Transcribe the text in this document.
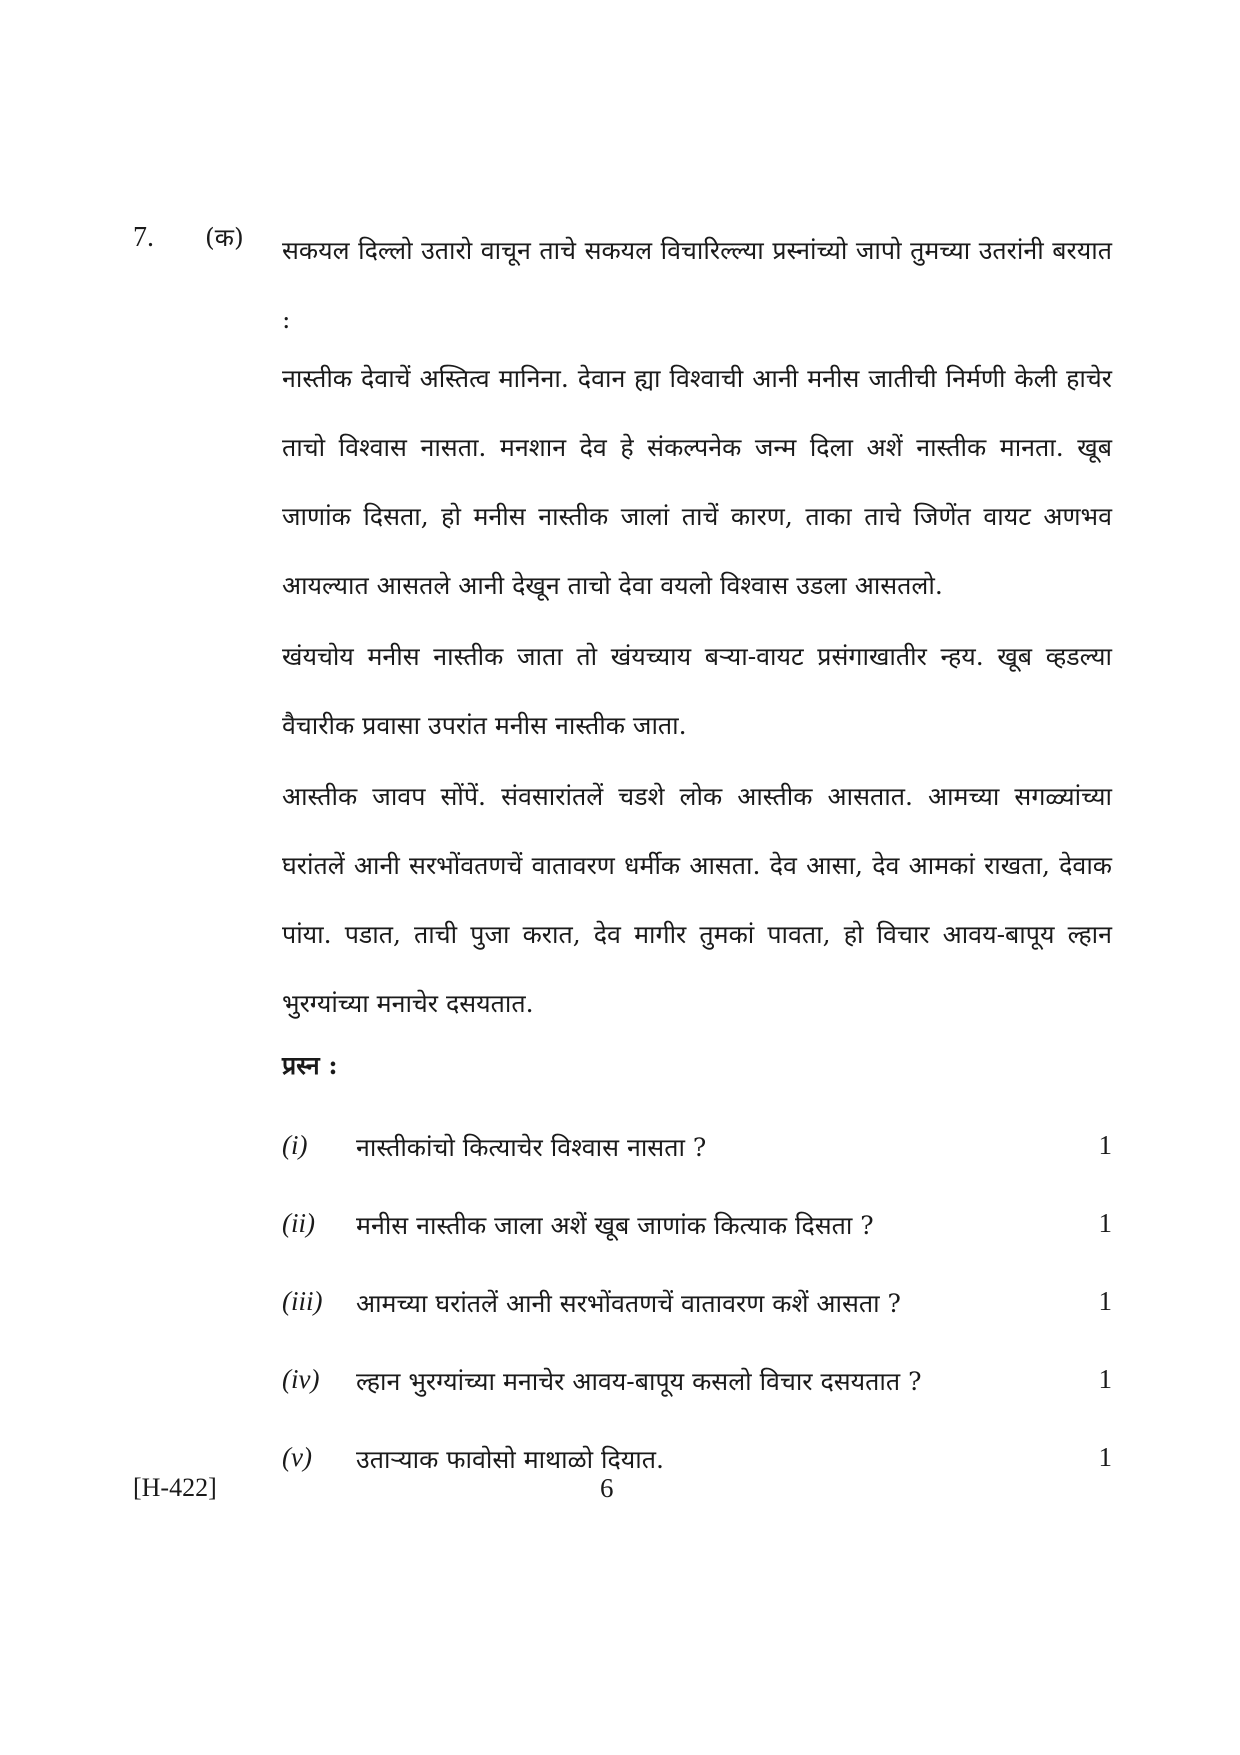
7. (क) सकयल दिल्लो उतारो वाचून ताचे सकयल विचारिल्ल्या प्रस्नांच्यो जापो तुमच्या उतरांनी बरयात :

नास्तीक देवाचें अस्तित्व मानिना. देवान ह्या विश्वाची आनी मनीस जातीची निर्मणी केली हाचेर ताचो विश्वास नासता. मनशान देव हे संकल्पनेक जन्म दिला अशें नास्तीक मानता. खूब जाणांक दिसता, हो मनीस नास्तीक जालां ताचें कारण, ताका ताचे जिणेंत वायट अणभव आयल्यात आसतले आनी देखून ताचो देवा वयलो विश्वास उडला आसतलो.

खंयचोय मनीस नास्तीक जाता तो खंयच्याय बऱ्या-वायट प्रसंगाखातीर न्हय. खूब व्हडल्या वैचारीक प्रवासा उपरांत मनीस नास्तीक जाता.

आस्तीक जावप सोंपें. संवसारांतलें चडशे लोक आस्तीक आसतात. आमच्या सगळ्यांच्या घरांतलें आनी सरभोंवतणचें वातावरण धर्मीक आसता. देव आसा, देव आमकां राखता, देवाक पांया. पडात, ताची पुजा करात, देव मागीर तुमकां पावता, हो विचार आवय-बापूय ल्हान भुरग्यांच्या मनाचेर दसयतात.

प्रस्न :
(i) नास्तीकांचो कित्याचेर विश्वास नासता ?	1
(ii) मनीस नास्तीक जाला अशें खूब जाणांक कित्याक दिसता ?	1
(iii) आमच्या घरांतलें आनी सरभोंवतणचें वातावरण कशें आसता ?	1
(iv) ल्हान भुरग्यांच्या मनाचेर आवय-बापूय कसलो विचार दसयतात ?	1
(v) उताऱ्याक फावोसो माथाळो दियात.	1
[H-422]	6
